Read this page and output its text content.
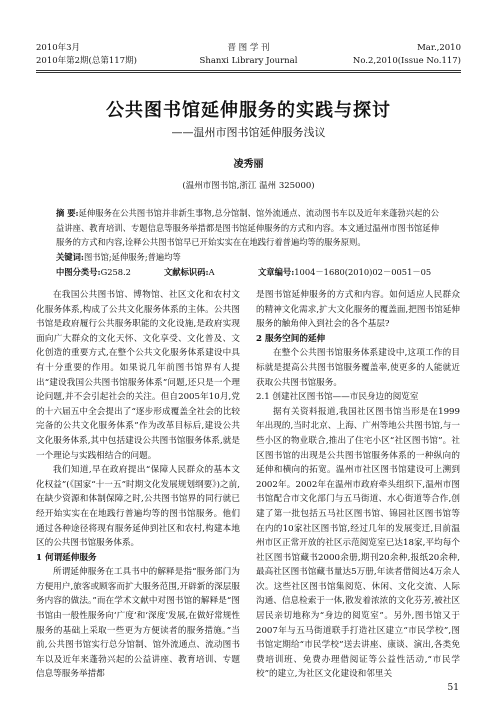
2010年3月
2010年第2期(总第117期)
晋 图 学 刊
Shanxi Library Journal
Mar.,2010
No.2,2010(Issue No.117)
公共图书馆延伸服务的实践与探讨
——温州市图书馆延伸服务浅议
凌秀丽
(温州市图书馆,浙江 温州 325000)
摘 要:延伸服务在公共图书馆并非新生事物,总分馆制、馆外流通点、流动图书车以及近年来蓬勃兴起的公益讲座、教育培训、专题信息等服务举措都是图书馆延伸服务的方式和内容。本文通过温州市图书馆延伸服务的方式和内容,诠释公共图书馆早已开始实实在在地践行着普遍均等的服务原则。
关键词:图书馆;延伸服务;普遍均等
中图分类号:G258.2	文献标识码:A	文章编号:1004－1680(2010)02－0051－05

在我国公共图书馆、博物馆、社区文化和农村文化服务体系,构成了公共文化服务体系的主体。公共图书馆是政府履行公共服务职能的文化设施,是政府实现面向广大群众的文化天怀、文化享受、文化普及、文化创造的重要方式,在整个公共文化服务体系建设中具有十分重要的作用。如果说几年前图书馆界有人提出“建设我国公共图书馆服务体系”问题,还只是一个理论问题,并不会引起社会的关注。但自2005年10月,党的十六届五中全会提出了“逐步形成覆盖全社会的比较完备的公共文化服务体系”作为改革目标后,建设公共文化服务体系,其中包括建设公共图书馆服务体系,就是一个理论与实践相结合的问题。

我们知道,早在政府提出“保障人民群众的基本文化权益”(《国家“十一五”时期文化发展规划纲要》)之前,在缺少资源和体制保障之时,公共图书馆界的同行就已经开始实实在在地践行普遍均等的图书馆服务。他们通过各种途径将现有服务延伸到社区和农村,构建本地区的公共图书馆服务体系。

1 何谓延伸服务

所谓延伸服务在工具书中的解释是指“服务部门为方便用户,旅客或顾客而扩大服务范围,开辟新的深层服务内容的做法。”而在学术文献中对图书馆的解释是“图书馆由一般性服务向‘广度’和‘深度’发展,在做好常规性服务的基础上采取一些更为方便读者的服务措施。”当前,公共图书馆实行总分馆制、馆外流通点、流动图书车以及近年来蓬勃兴起的公益讲座、教育培训、专题信息等服务举措都

是图书馆延伸服务的方式和内容。如何适应人民群众的精神文化需求,扩大文化服务的覆盖面,把图书馆延伸服务的触角伸入到社会的各个基层?

2 服务空间的延伸

在整个公共图书馆服务体系建设中,这项工作的目标就是提高公共图书馆服务覆盖率,使更多的人能就近获取公共图书馆服务。

2.1 创建社区图书馆——市民身边的阅览室

据有关资料报道,我国社区图书馆当形是在1999年出现的,当时北京、上海、广州等地公共图书馆,与一些小区的物业联合,推出了住宅小区“社区图书馆”。社区图书馆的出现是公共图书馆服务体系的一种纵向的延伸和横向的拓宽。温州市社区图书馆建设可上溯到2002年。2002年在温州市政府牵头组织下,温州市图书馆配合市文化部门与五马街道、水心街道等合作,创建了第一批包括五马社区图书馆、锦园社区图书馆等在内的10家社区图书馆,经过几年的发展变迁,目前温州市区正常开放的社区示范阅览室已达18家,平均每个社区图书馆藏书2000余册,期刊20余种,报纸20余种,最高社区图书馆藏书量达5万册,年读者借阅达4万余人次。这些社区图书馆集阅览、休闲、文化交流、人际沟通、信息检索于一体,散发着浓浓的文化芬芳,被社区居民亲切地称为“身边的阅览室”。另外,图书馆又于2007年与五马街道联手打造社区建立“市民学校”,图书馆定期给“市民学校”送去讲座、康谈、演出,各类免费培训班、免费办理借阅证等公益性活动,“市民学校”的建立,为社区文化建设和邻里关

51
